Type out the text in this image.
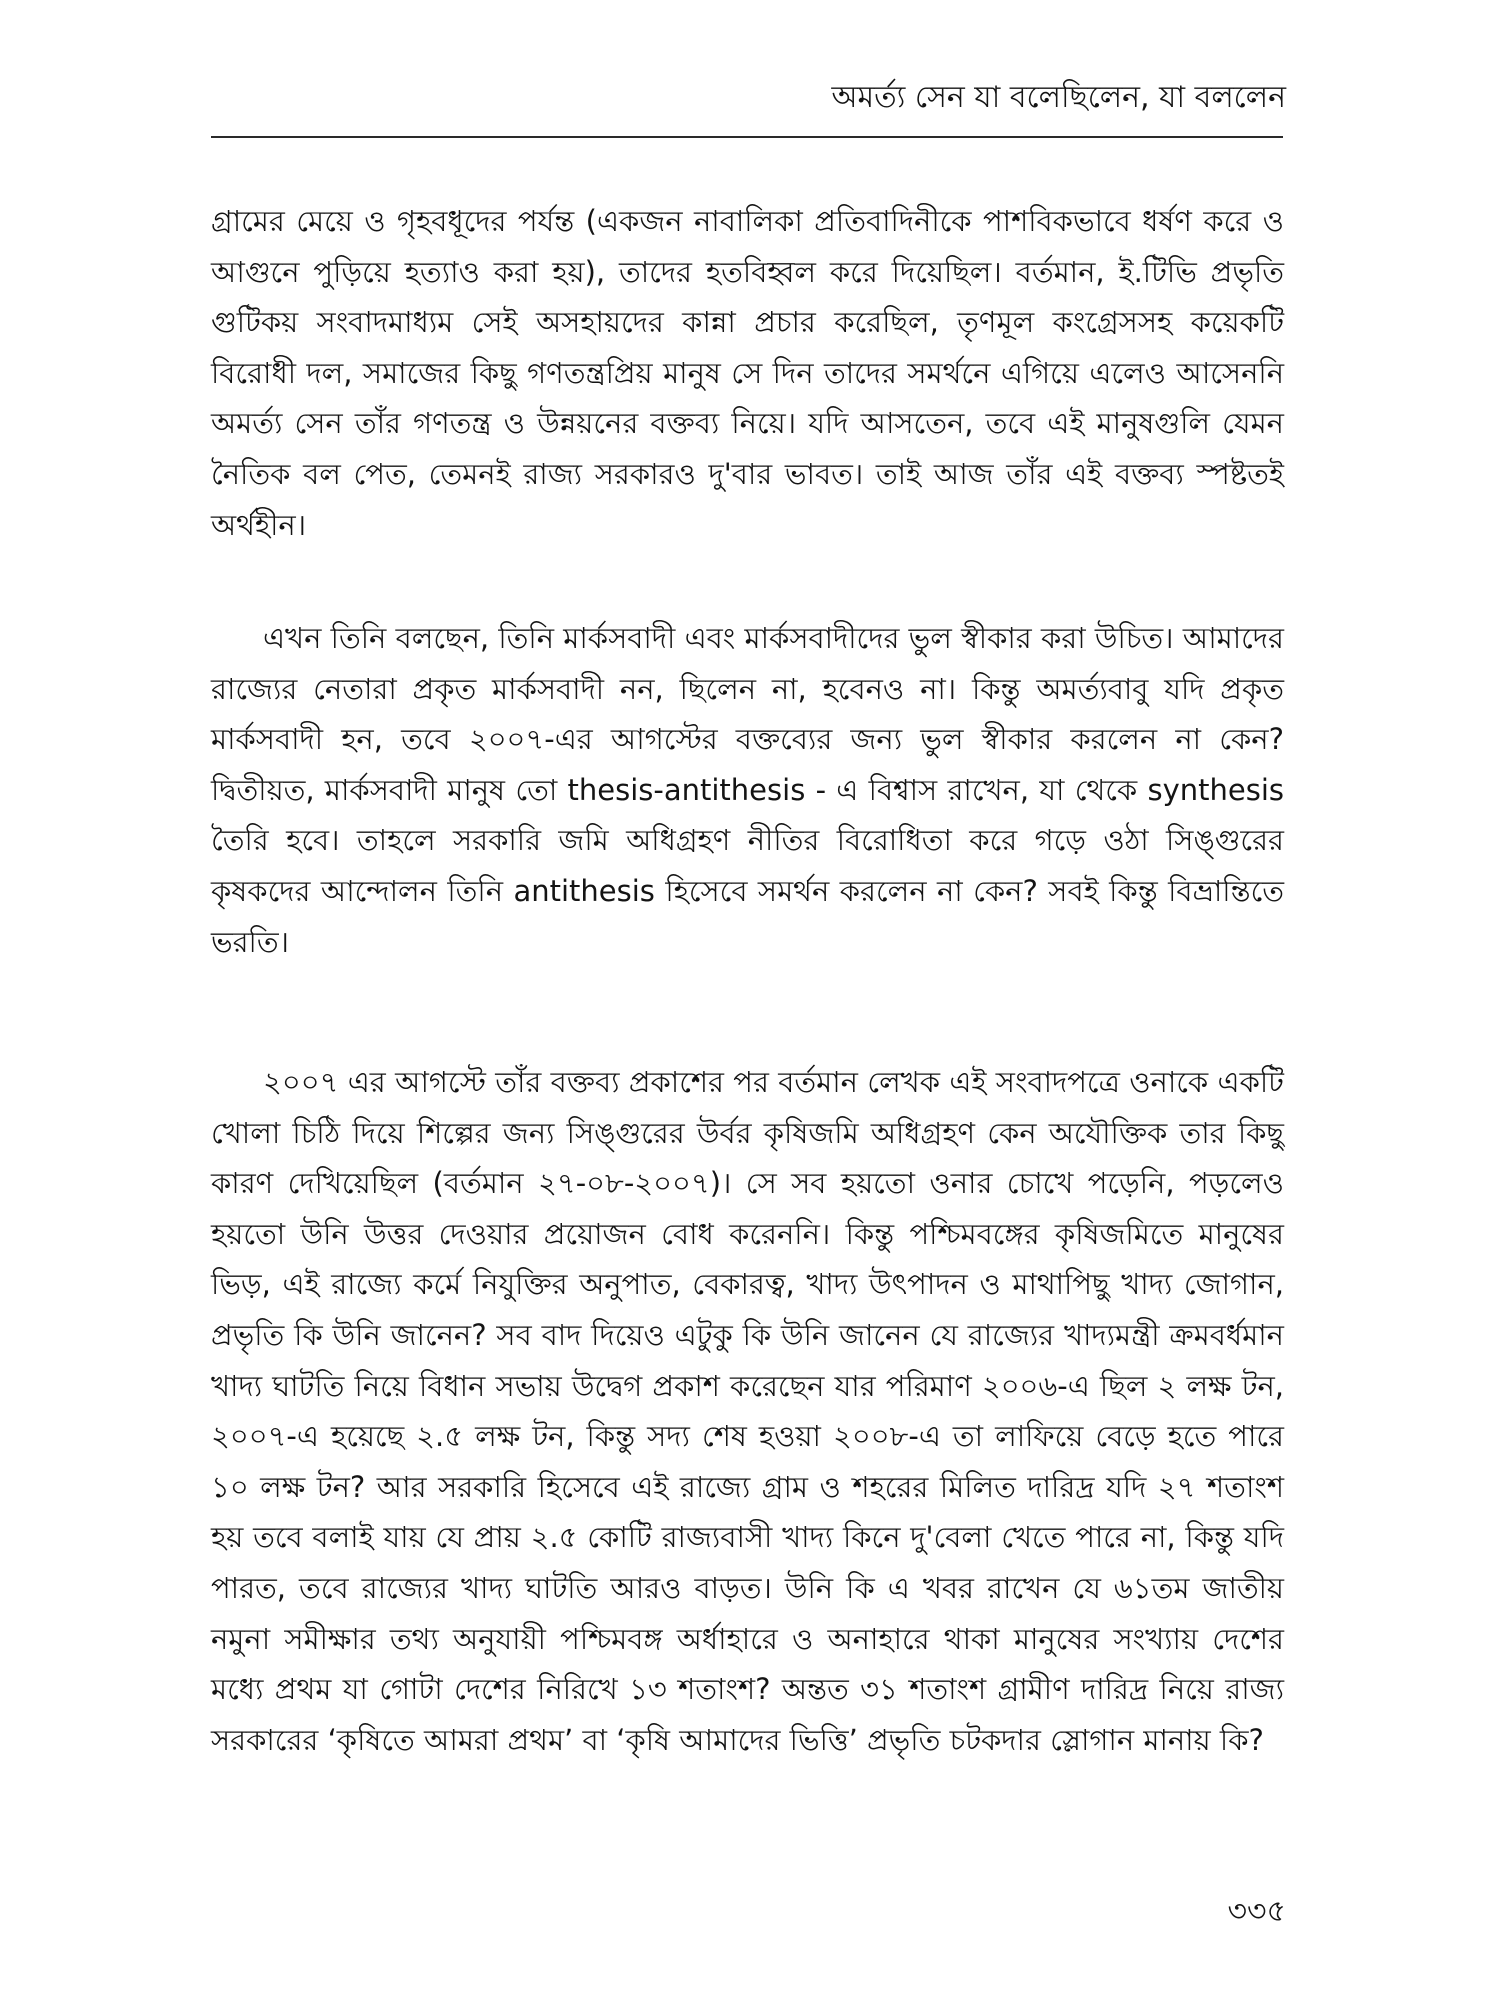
অমর্ত্য সেন যা বলেছিলেন, যা বললেন

গ্রামের মেয়ে ও গৃহবধূদের পর্যন্ত (একজন নাবালিকা প্রতিবাদিনীকে পাশবিকভাবে ধর্ষণ করে ও আগুনে পুড়িয়ে হত্যাও করা হয়), তাদের হতবিহ্বল করে দিয়েছিল। বর্তমান, ই.টিভি প্রভৃতি গুটিকয় সংবাদমাধ্যম সেই অসহায়দের কান্না প্রচার করেছিল, তৃণমূল কংগ্রেসসহ কয়েকটি বিরোধী দল, সমাজের কিছু গণতন্ত্রপ্রিয় মানুষ সে দিন তাদের সমর্থনে এগিয়ে এলেও আসেননি অমর্ত্য সেন তাঁর গণতন্ত্র ও উন্নয়নের বক্তব্য নিয়ে। যদি আসতেন, তবে এই মানুষগুলি যেমন নৈতিক বল পেত, তেমনই রাজ্য সরকারও দু'বার ভাবত। তাই আজ তাঁর এই বক্তব্য স্পষ্টতই অর্থহীন।

এখন তিনি বলছেন, তিনি মার্কসবাদী এবং মার্কসবাদীদের ভুল স্বীকার করা উচিত। আমাদের রাজ্যের নেতারা প্রকৃত মার্কসবাদী নন, ছিলেন না, হবেনও না। কিন্তু অমর্ত্যবাবু যদি প্রকৃত মার্কসবাদী হন, তবে ২০০৭-এর আগস্টের বক্তব্যের জন্য ভুল স্বীকার করলেন না কেন? দ্বিতীয়ত, মার্কসবাদী মানুষ তো thesis-antithesis - এ বিশ্বাস রাখেন, যা থেকে synthesis তৈরি হবে। তাহলে সরকারি জমি অধিগ্রহণ নীতির বিরোধিতা করে গড়ে ওঠা সিঙ্গুরের কৃষকদের আন্দোলন তিনি antithesis হিসেবে সমর্থন করলেন না কেন? সবই কিন্তু বিভ্রান্তিতে ভরতি।

২০০৭ এর আগস্টে তাঁর বক্তব্য প্রকাশের পর বর্তমান লেখক এই সংবাদপত্রে ওনাকে একটি খোলা চিঠি দিয়ে শিল্পের জন্য সিঙ্গুরের উর্বর কৃষিজমি অধিগ্রহণ কেন অযৌক্তিক তার কিছু কারণ দেখিয়েছিল (বর্তমান ২৭-০৮-২০০৭)। সে সব হয়তো ওনার চোখে পড়েনি, পড়লেও হয়তো উনি উত্তর দেওয়ার প্রয়োজন বোধ করেননি। কিন্তু পশ্চিমবঙ্গের কৃষিজমিতে মানুষের ভিড়, এই রাজ্যে কর্মে নিযুক্তির অনুপাত, বেকারত্ব, খাদ্য উৎপাদন ও মাথাপিছু খাদ্য জোগান, প্রভৃতি কি উনি জানেন? সব বাদ দিয়েও এটুকু কি উনি জানেন যে রাজ্যের খাদ্যমন্ত্রী ক্রমবর্ধমান খাদ্য ঘাটতি নিয়ে বিধান সভায় উদ্বেগ প্রকাশ করেছেন যার পরিমাণ ২০০৬-এ ছিল ২ লক্ষ টন, ২০০৭-এ হয়েছে ২.৫ লক্ষ টন, কিন্তু সদ্য শেষ হওয়া ২০০৮-এ তা লাফিয়ে বেড়ে হতে পারে ১০ লক্ষ টন? আর সরকারি হিসেবে এই রাজ্যে গ্রাম ও শহরের মিলিত দারিদ্র যদি ২৭ শতাংশ হয় তবে বলাই যায় যে প্রায় ২.৫ কোটি রাজ্যবাসী খাদ্য কিনে দু'বেলা খেতে পারে না, কিন্তু যদি পারত, তবে রাজ্যের খাদ্য ঘাটতি আরও বাড়ত। উনি কি এ খবর রাখেন যে ৬১তম জাতীয় নমুনা সমীক্ষার তথ্য অনুযায়ী পশ্চিমবঙ্গ অর্ধাহারে ও অনাহারে থাকা মানুষের সংখ্যায় দেশের মধ্যে প্রথম যা গোটা দেশের নিরিখে ১৩ শতাংশ? অন্তত ৩১ শতাংশ গ্রামীণ দারিদ্র নিয়ে রাজ্য সরকারের ‘কৃষিতে আমরা প্রথম’ বা ‘কৃষি আমাদের ভিত্তি’ প্রভৃতি চটকদার স্লোগান মানায় কি?

৩৩৫
